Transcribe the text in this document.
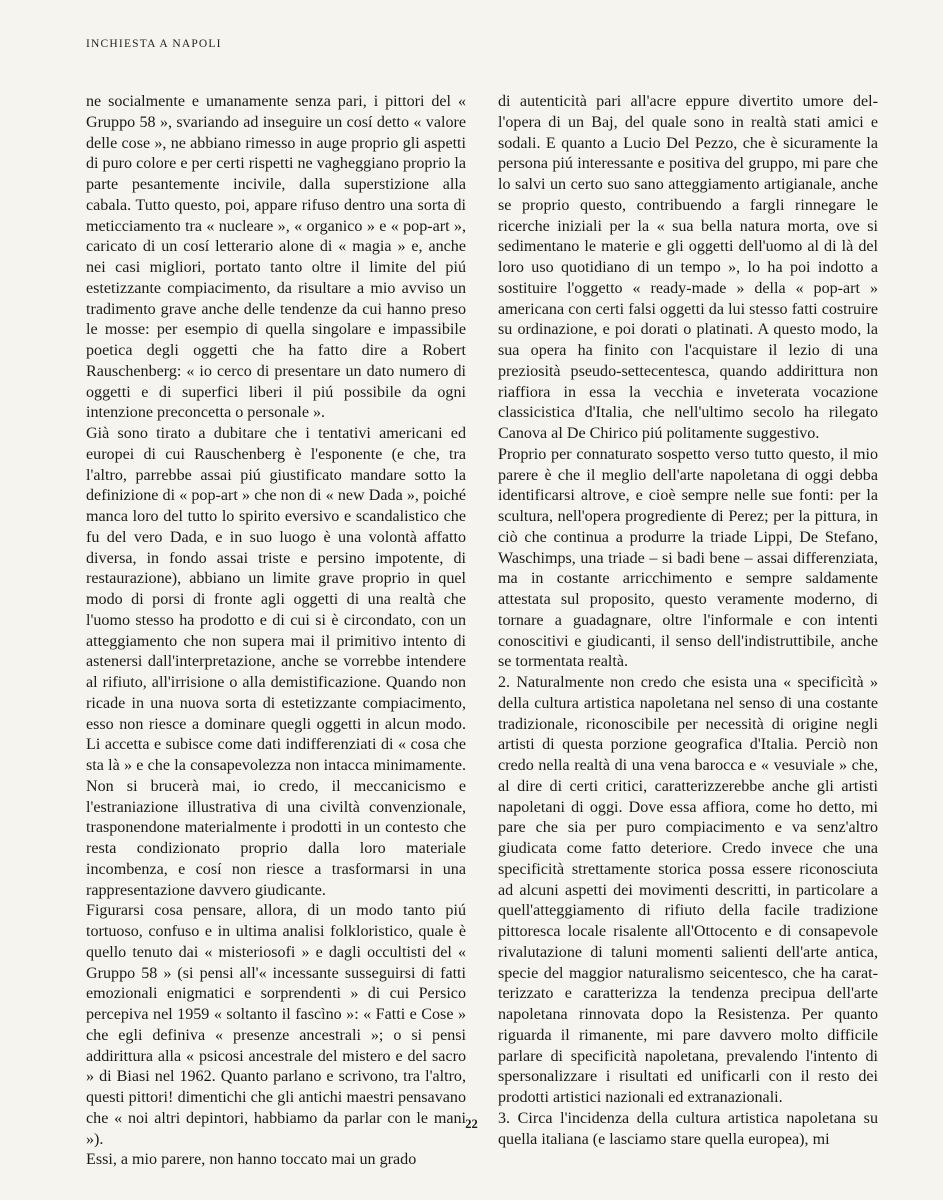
INCHIESTA A NAPOLI

ne socialmente e umanamente senza pari, i pittori del « Gruppo 58 », svariando ad inseguire un cosí detto « valore delle cose », ne abbiano rimesso in auge proprio gli aspetti di puro colore e per certi rispetti ne vagheggiano proprio la parte pesantemente incivile, dalla superstizione alla cabala. Tutto questo, poi, appare rifuso dentro una sorta di meticciamento tra « nucleare », « organico » e « pop-art », caricato di un cosí letterario alone di « magia » e, anche nei casi migliori, portato tanto oltre il limite del piú estetizzante compiacimento, da risultare a mio avviso un tradimento grave anche delle tendenze da cui hanno preso le mosse: per esempio di quella singolare e impassibile poetica degli oggetti che ha fatto dire a Robert Rauschenberg: « io cerco di presentare un dato numero di oggetti e di superfici liberi il piú possibile da ogni intenzione preconcetta o personale ».

Già sono tirato a dubitare che i tentativi americani ed europei di cui Rauschenberg è l'esponente (e che, tra l'altro, parrebbe assai piú giustificato mandare sotto la definizione di « pop-art » che non di « new Dada », poiché manca loro del tutto lo spirito eversivo e scandalistico che fu del vero Dada, e in suo luogo è una volontà affatto diversa, in fondo assai triste e persino impotente, di restaurazione), abbiano un limite grave proprio in quel modo di porsi di fronte agli oggetti di una realtà che l'uomo stesso ha prodotto e di cui si è circondato, con un atteggiamento che non supera mai il primitivo intento di astenersi dall'interpretazione, anche se vorrebbe intendere al rifiuto, all'irrisione o alla demistificazione. Quando non ricade in una nuova sorta di estetizzante compiacimento, esso non riesce a dominare quegli oggetti in alcun modo. Li accetta e subisce come dati indifferenziati di « cosa che sta là » e che la consapevolezza non intacca minimamente. Non si brucerà mai, io credo, il meccanicismo e l'estraniazione illustrativa di una civiltà convenzionale, trasponendone materialmente i prodotti in un contesto che resta condizionato proprio dalla loro materiale incombenza, e cosí non riesce a trasformarsi in una rappresentazione davvero giudicante.

Figurarsi cosa pensare, allora, di un modo tanto piú tortuoso, confuso e in ultima analisi folkloristico, quale è quello tenuto dai « misteriosofi » e dagli occultisti del « Gruppo 58 » (si pensi all'« incessante susseguirsi di fatti emozionali enigmatici e sorprendenti » di cui Persico percepiva nel 1959 « soltanto il fascìno »: « Fatti e Cose » che egli definiva « presenze ancestrali »; o si pensi addirittura alla « psicosi ancestrale del mistero e del sacro » di Biasi nel 1962. Quanto parlano e scrivono, tra l'altro, questi pittori! dimentichi che gli antichi maestri pensavano che « noi altri depintori, habbiamo da parlar con le mani »).

Essi, a mio parere, non hanno toccato mai un grado

di autenticità pari all'acre eppure divertito umore dell'opera di un Baj, del quale sono in realtà stati amici e sodali. E quanto a Lucio Del Pezzo, che è sicuramente la persona piú interessante e positiva del gruppo, mi pare che lo salvi un certo suo sano atteggiamento artigianale, anche se proprio questo, contribuendo a fargli rinnegare le ricerche iniziali per la « sua bella natura morta, ove si sedimentano le materie e gli oggetti dell'uomo al di là del loro uso quotidiano di un tempo », lo ha poi indotto a sostituire l'oggetto « ready-made » della « pop-art » americana con certi falsi oggetti da lui stesso fatti costruire su ordinazione, e poi dorati o platinati. A questo modo, la sua opera ha finito con l'acquistare il lezio di una preziosità pseudo-settecentesca, quando addirittura non riaffiora in essa la vecchia e inveterata vocazione classicistica d'Italia, che nell'ultimo secolo ha rilegato Canova al De Chirico piú politamente suggestivo.

Proprio per connaturato sospetto verso tutto questo, il mio parere è che il meglio dell'arte napoletana di oggi debba identificarsi altrove, e cioè sempre nelle sue fonti: per la scultura, nell'opera progrediente di Perez; per la pittura, in ciò che continua a produrre la triade Lippi, De Stefano, Waschimps, una triade – si badi bene – assai differenziata, ma in costante arricchimento e sempre saldamente attestata sul proposito, questo veramente moderno, di tornare a guadagnare, oltre l'informale e con intenti conoscitivi e giudicanti, il senso dell'indistruttibile, anche se tormentata realtà.

2. Naturalmente non credo che esista una « specificìtà » della cultura artistica napoletana nel senso di una costante tradizionale, riconoscibile per necessità di origine negli artisti di questa porzione geografica d'Italia. Perciò non credo nella realtà di una vena barocca e « vesuviale » che, al dire di certi critici, caratterizzerebbe anche gli artisti napoletani di oggi. Dove essa affiora, come ho detto, mi pare che sia per puro compiacimento e va senz'altro giudicata come fatto deteriore. Credo invece che una specificità strettamente storica possa essere riconosciuta ad alcuni aspetti dei movimenti descritti, in particolare a quell'atteggiamento di rifiuto della facile tradizione pittoresca locale risalente all'Ottocento e di consapevole rivalutazione di taluni momenti salienti dell'arte antica, specie del maggior naturalismo seicentesco, che ha caratterizzato e caratterizza la tendenza precipua dell'arte napoletana rinnovata dopo la Resistenza. Per quanto riguarda il rimanente, mi pare davvero molto difficile parlare di specificità napoletana, prevalendo l'intento di spersonalizzare i risultati ed unificarli con il resto dei prodotti artistici nazionali ed extranazionali.

3. Circa l'incidenza della cultura artistica napoletana su quella italiana (e lasciamo stare quella europea), mi

22
